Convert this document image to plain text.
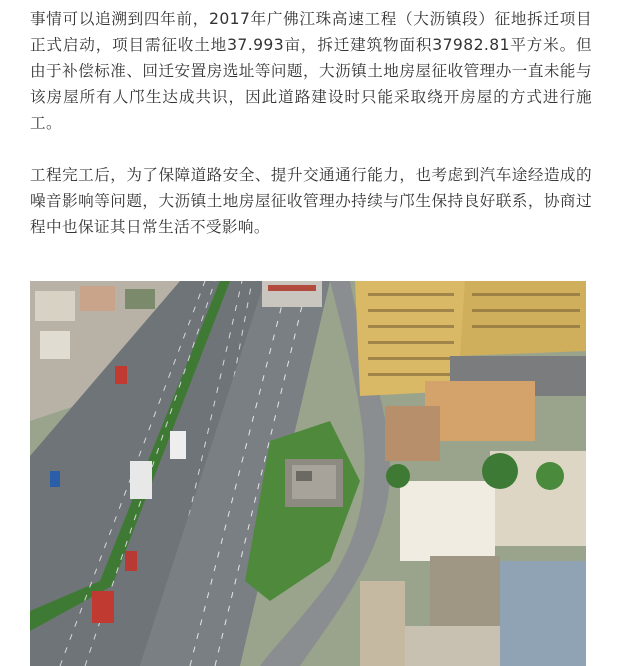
事情可以追溯到四年前，2017年广佛江珠高速工程（大沥镇段）征地拆迁项目正式启动，项目需征收土地37.993亩，拆迁建筑物面积37982.81平方米。但由于补偿标准、回迁安置房选址等问题，大沥镇土地房屋征收管理办一直未能与该房屋所有人邝生达成共识，因此道路建设时只能采取绕开房屋的方式进行施工。

工程完工后，为了保障道路安全、提升交通通行能力，也考虑到汽车途经造成的噪音影响等问题，大沥镇土地房屋征收管理办持续与邝生保持良好联系，协商过程中也保证其日常生活不受影响。
